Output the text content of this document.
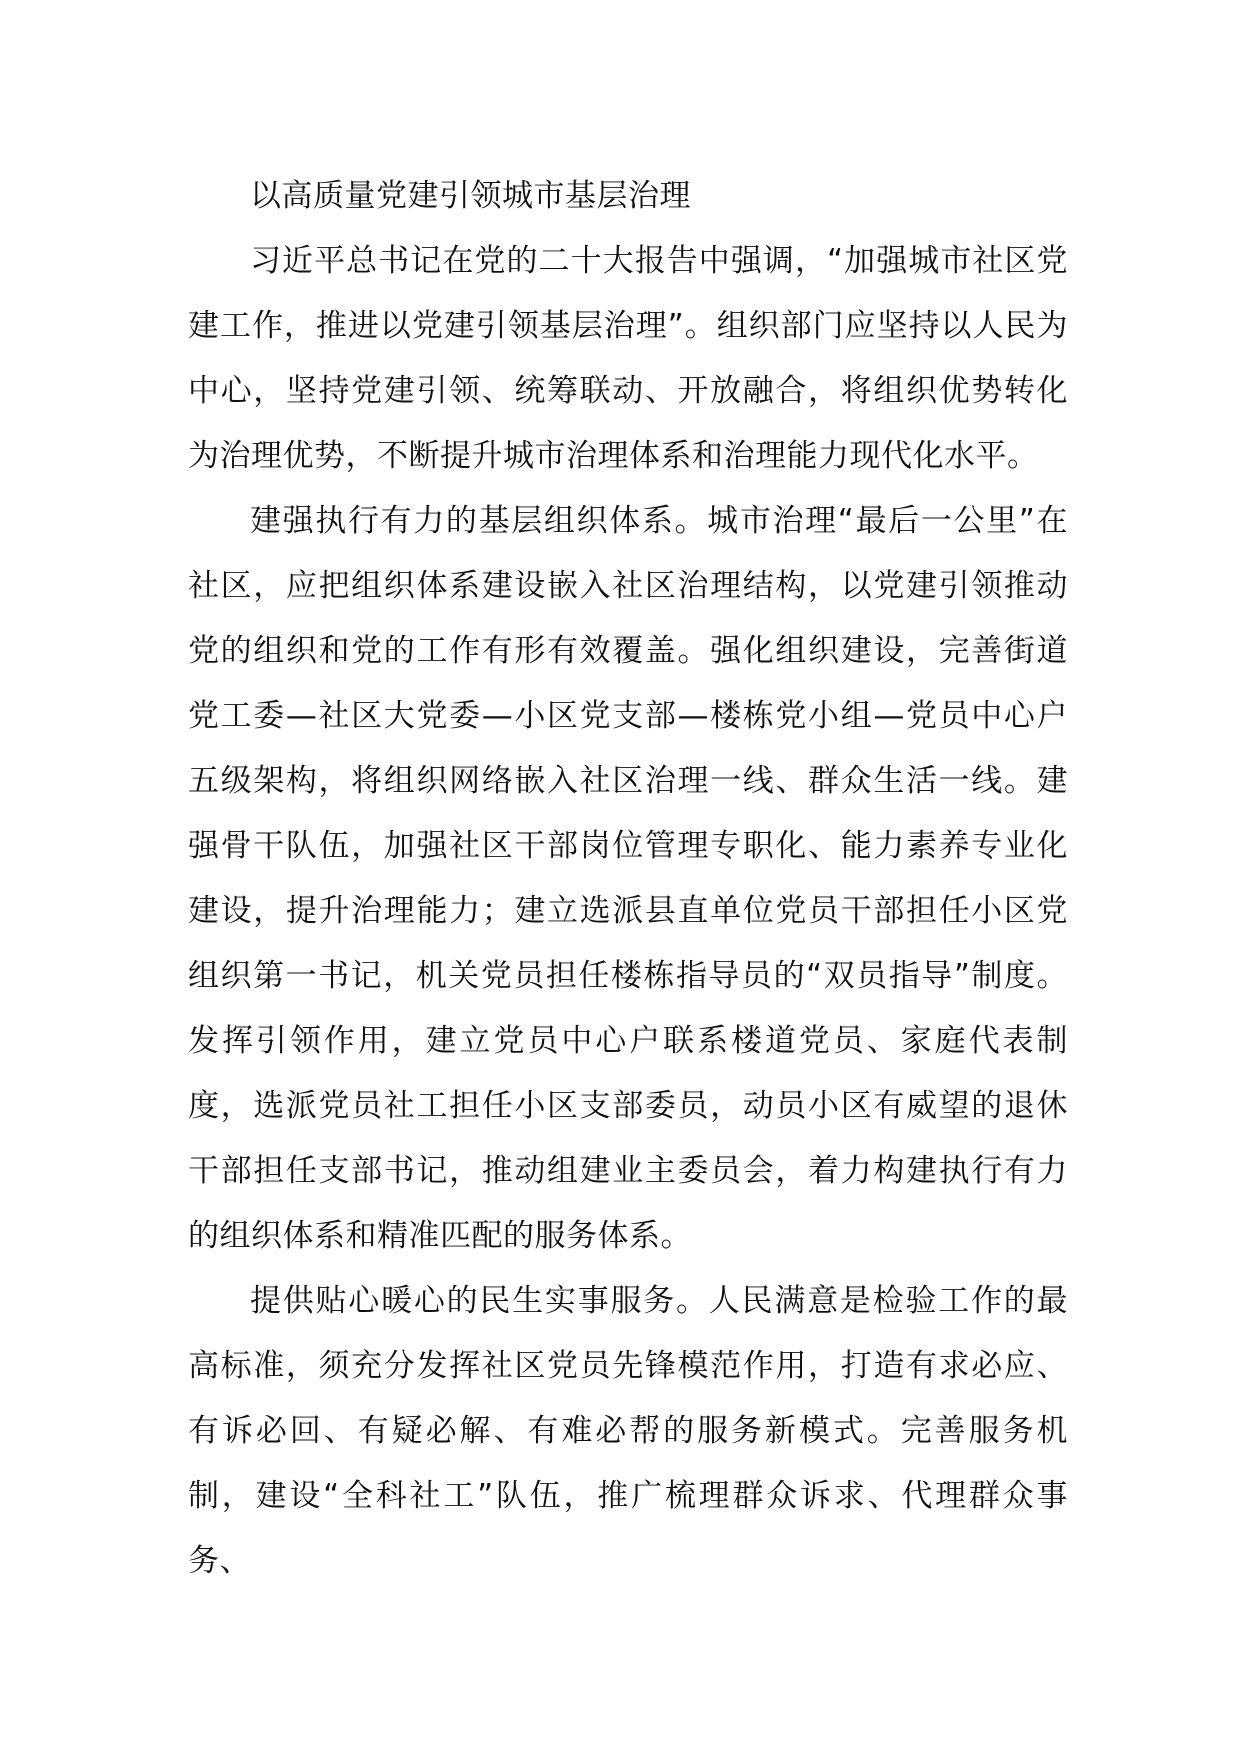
以高质量党建引领城市基层治理

习近平总书记在党的二十大报告中强调，“加强城市社区党建工作，推进以党建引领基层治理”。组织部门应坚持以人民为中心，坚持党建引领、统筹联动、开放融合，将组织优势转化为治理优势，不断提升城市治理体系和治理能力现代化水平。

建强执行有力的基层组织体系。城市治理“最后一公里”在社区，应把组织体系建设嵌入社区治理结构，以党建引领推动党的组织和党的工作有形有效覆盖。强化组织建设，完善街道党工委—社区大党委—小区党支部—楼栋党小组—党员中心户五级架构，将组织网络嵌入社区治理一线、群众生活一线。建强骨干队伍，加强社区干部岗位管理专职化、能力素养专业化建设，提升治理能力；建立选派县直单位党员干部担任小区党组织第一书记，机关党员担任楼栋指导员的“双员指导”制度。发挥引领作用，建立党员中心户联系楼道党员、家庭代表制度，选派党员社工担任小区支部委员，动员小区有威望的退休干部担任支部书记，推动组建业主委员会，着力构建执行有力的组织体系和精准匹配的服务体系。

提供贴心暖心的民生实事服务。人民满意是检验工作的最高标准，须充分发挥社区党员先锋模范作用，打造有求必应、有诉必回、有疑必解、有难必帮的服务新模式。完善服务机制，建设“全科社工”队伍，推广梳理群众诉求、代理群众事务、
